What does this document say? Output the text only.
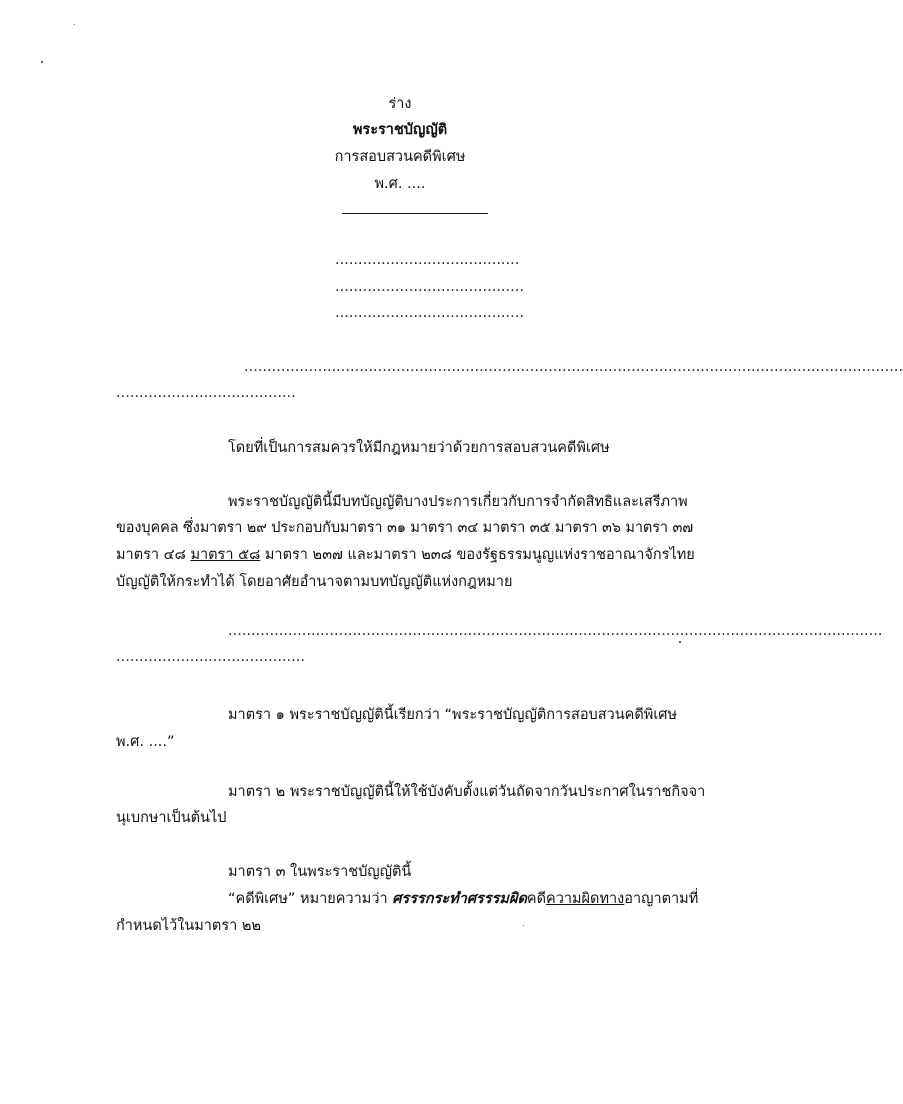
ร่าง
พระราชบัญญัติ
การสอบสวนคดีพิเศษ
พ.ศ. ....
........................................
.........................................
.........................................
...............................................................................................................................................
.......................................
โดยที่เป็นการสมควรให้มีกฎหมายว่าด้วยการสอบสวนคดีพิเศษ
พระราชบัญญัตินี้มีบทบัญญัติบางประการเกี่ยวกับการจำกัดสิทธิและเสรีภาพ
ของบุคคล ซึ่งมาตรา ๒๙ ประกอบกับมาตรา ๓๑ มาตรา ๓๔ มาตรา ๓๕ มาตรา ๓๖ มาตรา ๓๗
มาตรา ๔๘ มาตรา ๕๘ มาตรา ๒๓๗ และมาตรา ๒๓๘ ของรัฐธรรมนูญแห่งราชอาณาจักรไทย
บัญญัติให้กระทำได้ โดยอาศัยอำนาจตามบทบัญญัติแห่งกฎหมาย
..............................................................................................................................................
.........................................
มาตรา ๑ พระราชบัญญัตินี้เรียกว่า “พระราชบัญญัติการสอบสวนคดีพิเศษ
พ.ศ. ....”
มาตรา ๒ พระราชบัญญัตินี้ให้ใช้บังคับตั้งแต่วันถัดจากวันประกาศในราชกิจจา
นุเบกษาเป็นต้นไป
มาตรา ๓ ในพระราชบัญญัตินี้
“คดีพิเศษ” หมายความว่า ศรรรกระทำศรรรมผิดคดีความผิดทางอาญาตามที่
กำหนดไว้ในมาตรา ๒๒
